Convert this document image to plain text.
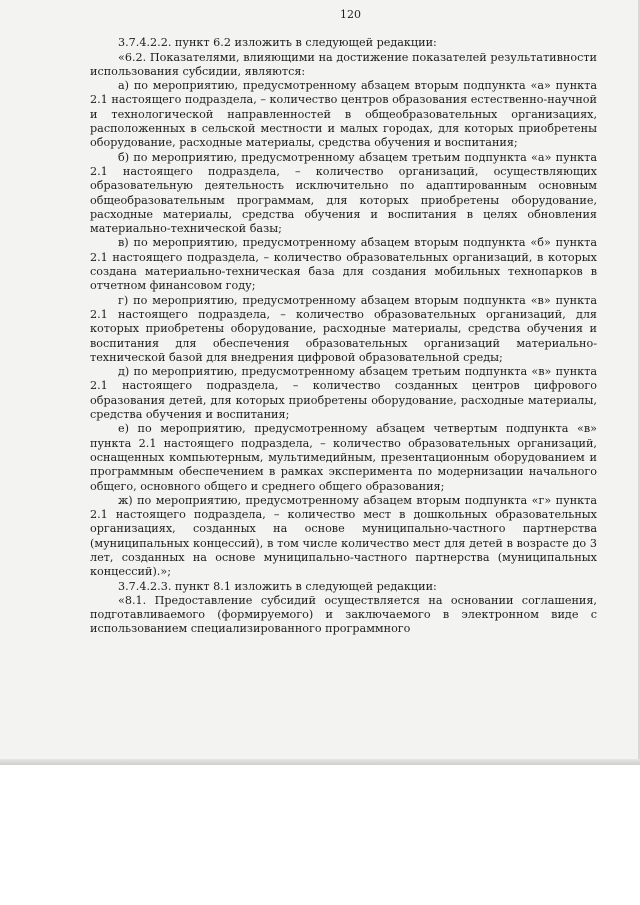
120

3.7.4.2.2. пункт 6.2 изложить в следующей редакции:

«6.2. Показателями, влияющими на достижение показателей результативности использования субсидии, являются:

а) по мероприятию, предусмотренному абзацем вторым подпункта «а» пункта 2.1 настоящего подраздела, – количество центров образования естественно-научной и технологической направленностей в общеобразовательных организациях, расположенных в сельской местности и малых городах, для которых приобретены оборудование, расходные материалы, средства обучения и воспитания;

б) по мероприятию, предусмотренному абзацем третьим подпункта «а» пункта 2.1 настоящего подраздела, – количество организаций, осуществляющих образовательную деятельность исключительно по адаптированным основным общеобразовательным программам, для которых приобретены оборудование, расходные материалы, средства обучения и воспитания в целях обновления материально-технической базы;

в) по мероприятию, предусмотренному абзацем вторым подпункта «б» пункта 2.1 настоящего подраздела, – количество образовательных организаций, в которых создана материально-техническая база для создания мобильных технопарков в отчетном финансовом году;

г) по мероприятию, предусмотренному абзацем вторым подпункта «в» пункта 2.1 настоящего подраздела, – количество образовательных организаций, для которых приобретены оборудование, расходные материалы, средства обучения и воспитания для обеспечения образовательных организаций материально-технической базой для внедрения цифровой образовательной среды;

д) по мероприятию, предусмотренному абзацем третьим подпункта «в» пункта 2.1 настоящего подраздела, – количество созданных центров цифрового образования детей, для которых приобретены оборудование, расходные материалы, средства обучения и воспитания;

е) по мероприятию, предусмотренному абзацем четвертым подпункта «в» пункта 2.1 настоящего подраздела, – количество образовательных организаций, оснащенных компьютерным, мультимедийным, презентационным оборудованием и программным обеспечением в рамках эксперимента по модернизации начального общего, основного общего и среднего общего образования;

ж) по мероприятию, предусмотренному абзацем вторым подпункта «г» пункта 2.1 настоящего подраздела, – количество мест в дошкольных образовательных организациях, созданных на основе муниципально-частного партнерства (муниципальных концессий), в том числе количество мест для детей в возрасте до 3 лет, созданных на основе муниципально-частного партнерства (муниципальных концессий).»;

3.7.4.2.3. пункт 8.1 изложить в следующей редакции:

«8.1. Предоставление субсидий осуществляется на основании соглашения, подготавливаемого (формируемого) и заключаемого в электронном виде с использованием специализированного программного
